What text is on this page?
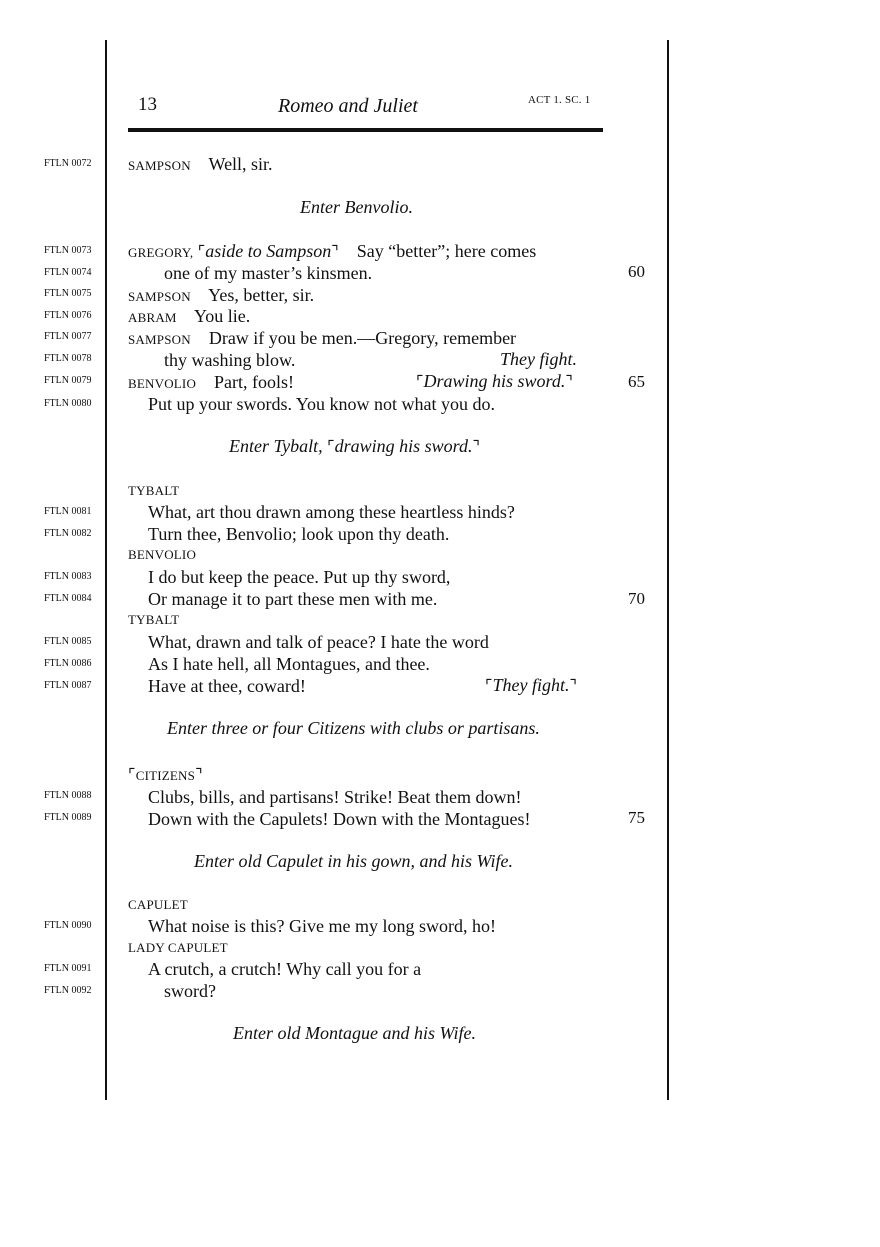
13	Romeo and Juliet	ACT 1. SC. 1
FTLN 0072
FTLN 0073
FTLN 0074
FTLN 0075
FTLN 0076
FTLN 0077
FTLN 0078
FTLN 0079
FTLN 0080
FTLN 0081
FTLN 0082
FTLN 0083
FTLN 0084
FTLN 0085
FTLN 0086
FTLN 0087
FTLN 0088
FTLN 0089
FTLN 0090
FTLN 0091
FTLN 0092
60
65
70
75
SAMPSON Well, sir.
Enter Benvolio.
GREGORY, ⌜aside to Sampson⌝ Say “better”; here comes
one of my master’s kinsmen.
SAMPSON Yes, better, sir.
ABRAM You lie.
SAMPSON Draw if you be men.—Gregory, remember
thy washing blow.	They fight.
BENVOLIO Part, fools!	⌜Drawing his sword.⌝
Put up your swords. You know not what you do.
Enter Tybalt, ⌜drawing his sword.⌝
TYBALT
What, art thou drawn among these heartless hinds?
Turn thee, Benvolio; look upon thy death.
BENVOLIO
I do but keep the peace. Put up thy sword,
Or manage it to part these men with me.
TYBALT
What, drawn and talk of peace? I hate the word
As I hate hell, all Montagues, and thee.
Have at thee, coward!	⌜They fight.⌝
Enter three or four Citizens with clubs or partisans.
⌜CITIZENS⌝
Clubs, bills, and partisans! Strike! Beat them down!
Down with the Capulets! Down with the Montagues!
Enter old Capulet in his gown, and his Wife.
CAPULET
What noise is this? Give me my long sword, ho!
LADY CAPULET
A crutch, a crutch! Why call you for a
sword?
Enter old Montague and his Wife.
